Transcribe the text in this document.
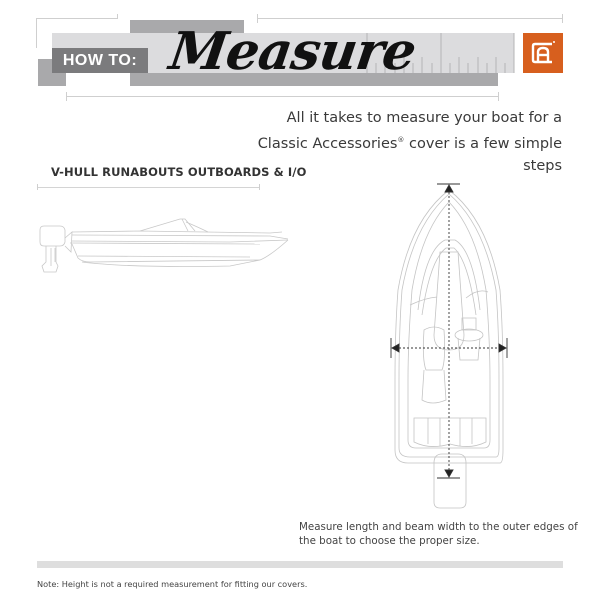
HOW TO: Measure
All it takes to measure your boat for a
Classic Accessories® cover is a few simple steps
V-HULL RUNABOUTS OUTBOARDS & I/O
Measure length and beam width to the outer edges of the boat to choose the proper size.
Note: Height is not a required measurement for fitting our covers.
